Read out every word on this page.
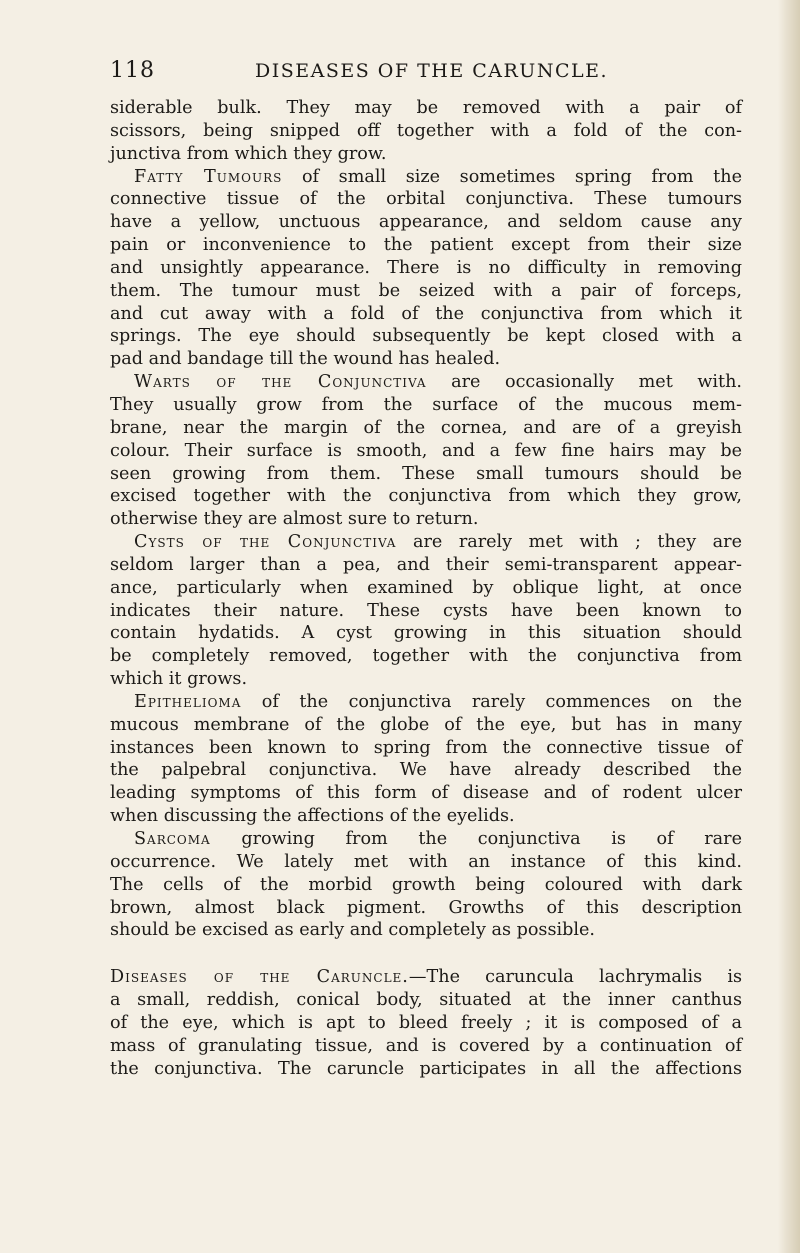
118	DISEASES OF THE CARUNCLE.
siderable bulk. They may be removed with a pair of
scissors, being snipped off together with a fold of the con-
junctiva from which they grow.
Fatty Tumours of small size sometimes spring from the
connective tissue of the orbital conjunctiva. These tumours
have a yellow, unctuous appearance, and seldom cause any
pain or inconvenience to the patient except from their size
and unsightly appearance. There is no difficulty in removing
them. The tumour must be seized with a pair of forceps,
and cut away with a fold of the conjunctiva from which it
springs. The eye should subsequently be kept closed with a
pad and bandage till the wound has healed.
Warts of the Conjunctiva are occasionally met with.
They usually grow from the surface of the mucous mem-
brane, near the margin of the cornea, and are of a greyish
colour. Their surface is smooth, and a few fine hairs may be
seen growing from them. These small tumours should be
excised together with the conjunctiva from which they grow,
otherwise they are almost sure to return.
Cysts of the Conjunctiva are rarely met with ; they are
seldom larger than a pea, and their semi-transparent appear-
ance, particularly when examined by oblique light, at once
indicates their nature. These cysts have been known to
contain hydatids. A cyst growing in this situation should
be completely removed, together with the conjunctiva from
which it grows.
Epithelioma of the conjunctiva rarely commences on the
mucous membrane of the globe of the eye, but has in many
instances been known to spring from the connective tissue of
the palpebral conjunctiva. We have already described the
leading symptoms of this form of disease and of rodent ulcer
when discussing the affections of the eyelids.
Sarcoma growing from the conjunctiva is of rare
occurrence. We lately met with an instance of this kind.
The cells of the morbid growth being coloured with dark
brown, almost black pigment. Growths of this description
should be excised as early and completely as possible.
Diseases of the Caruncle.—The caruncula lachrymalis is
a small, reddish, conical body, situated at the inner canthus
of the eye, which is apt to bleed freely ; it is composed of a
mass of granulating tissue, and is covered by a continuation of
the conjunctiva. The caruncle participates in all the affections
